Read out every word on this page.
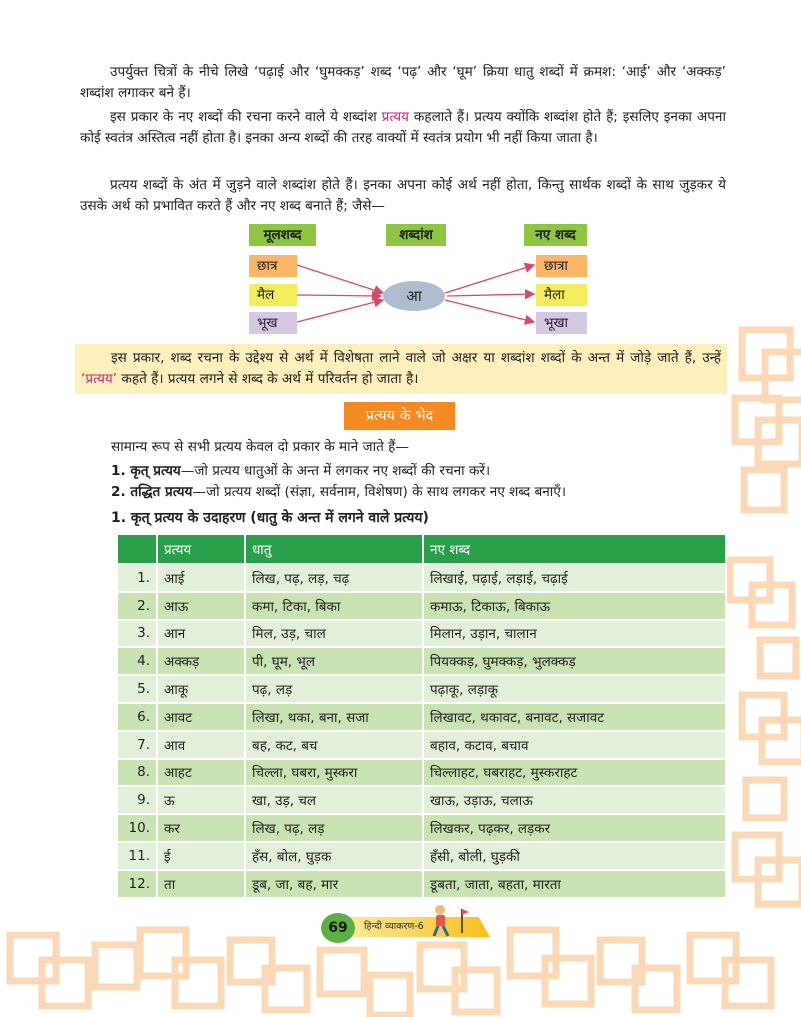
उपर्युक्त चित्रों के नीचे लिखे ‘पढ़ाई और ‘घुमक्कड़’ शब्द ‘पढ़’ और ‘घूम’ क्रिया धातु शब्दों में क्रमश: ‘आई’ और ‘अक्कड़’ शब्दांश लगाकर बने हैं।

इस प्रकार के नए शब्दों की रचना करने वाले ये शब्दांश प्रत्यय कहलाते हैं। प्रत्यय क्योंकि शब्दांश होते हैं; इसलिए इनका अपना कोई स्वतंत्र अस्तित्व नहीं होता है। इनका अन्य शब्दों की तरह वाक्यों में स्वतंत्र प्रयोग भी नहीं किया जाता है।

प्रत्यय शब्दों के अंत में जुड़ने वाले शब्दांश होते हैं। इनका अपना कोई अर्थ नहीं होता, किन्तु सार्थक शब्दों के साथ जुड़कर ये उसके अर्थ को प्रभावित करते हैं और नए शब्द बनाते हैं; जैसे—

मूलशब्द	शब्दांश	नए शब्द
छात्र
मैल
भूख
आ
छात्रा
मैला
भूखा
इस प्रकार, शब्द रचना के उद्देश्य से अर्थ में विशेषता लाने वाले जो अक्षर या शब्दांश शब्दों के अन्त में जोड़े जाते हैं, उन्हें ‘प्रत्यय’ कहते हैं। प्रत्यय लगने से शब्द के अर्थ में परिवर्तन हो जाता है।
प्रत्यय के भेद
सामान्य रूप से सभी प्रत्यय केवल दो प्रकार के माने जाते हैं—
1. कृत् प्रत्यय—जो प्रत्यय धातुओं के अन्त में लगकर नए शब्दों की रचना करें।
2. तद्धित प्रत्यय—जो प्रत्यय शब्दों (संज्ञा, सर्वनाम, विशेषण) के साथ लगकर नए शब्द बनाएँ।
1. कृत् प्रत्यय के उदाहरण (धातु के अन्त में लगने वाले प्रत्यय)
	प्रत्यय	धातु	नए शब्द
1.	आई	लिख, पढ़, लड़, चढ़	लिखाई, पढ़ाई, लड़ाई, चढ़ाई
2.	आऊ	कमा, टिका, बिका	कमाऊ, टिकाऊ, बिकाऊ
3.	आन	मिल, उड़, चाल	मिलान, उड़ान, चालान
4.	अक्कड़	पी, घूम, भूल	पियक्कड़, घुमक्कड़, भुलक्कड़
5.	आकू	पढ़, लड़	पढ़ाकू, लड़ाकू
6.	आवट	लिखा, थका, बना, सजा	लिखावट, थकावट, बनावट, सजावट
7.	आव	बह, कट, बच	बहाव, कटाव, बचाव
8.	आहट	चिल्ला, घबरा, मुस्करा	चिल्लाहट, घबराहट, मुस्कराहट
9.	ऊ	खा, उड़, चल	खाऊ, उड़ाऊ, चलाऊ
10.	कर	लिख, पढ़, लड़	लिखकर, पढ़कर, लड़कर
11.	ई	हँस, बोल, घुड़क	हँसी, बोली, घुड़की
12.	ता	डूब, जा, बह, मार	डूबता, जाता, बहता, मारता
69	हिन्दी व्याकरण-6
